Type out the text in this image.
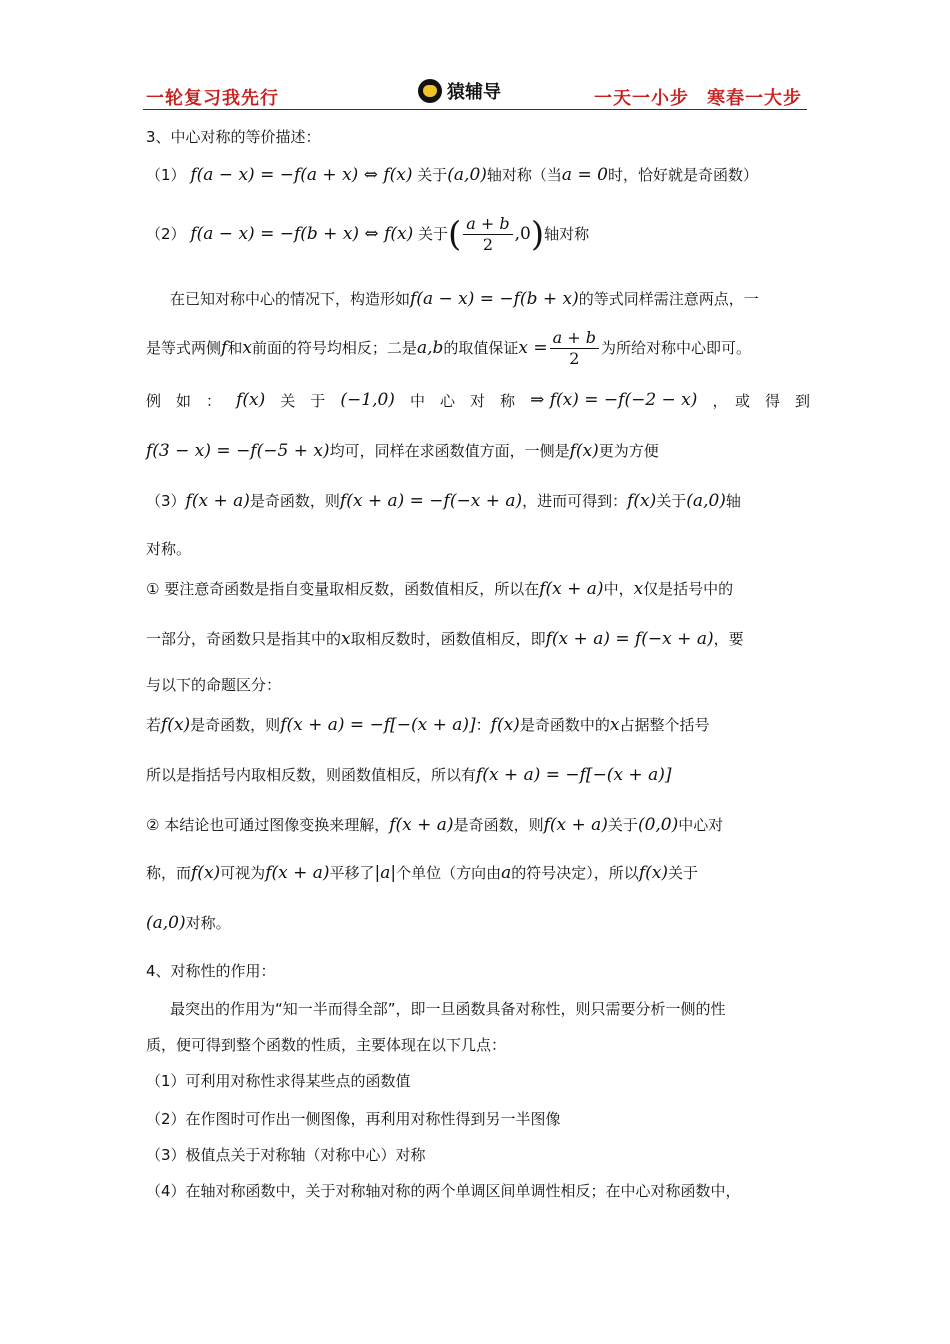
一轮复习我先行	猿辅导	一天一小步 寒春一大步
3、中心对称的等价描述：
（1） f(a − x) = −f(a + x) ⇔ f(x) 关于(a,0)轴对称（当a = 0时，恰好就是奇函数）
（2） f(a − x) = −f(b + x) ⇔ f(x) 关于( $\frac{a + b}{2} ,0$)轴对称
在已知对称中心的情况下，构造形如f(a − x) = −f(b + x)的等式同样需注意两点，一
是等式两侧f和x前面的符号均相反；二是a,b的取值保证$x = \frac{a + b}{2}$ 为所给对称中心即可。
例　如　： f(x) 关　于 (−1,0) 中　心　对　称 ⇒ f(x) = −f(−2 − x) ，　或　得　到
f(3 − x) = −f(−5 + x)均可，同样在求函数值方面，一侧是f(x)更为方便
（3）f(x + a)是奇函数，则f(x + a) = −f(−x + a)，进而可得到：f(x)关于(a,0)轴
对称。
① 要注意奇函数是指自变量取相反数，函数值相反，所以在f(x + a)中，x仅是括号中的
一部分，奇函数只是指其中的x取相反数时，函数值相反，即f(x + a) = f(−x + a)，要
与以下的命题区分：
若f(x)是奇函数，则f(x + a) = −f[−(x + a)]：f(x)是奇函数中的x占据整个括号
所以是指括号内取相反数，则函数值相反，所以有f(x + a) = −f[−(x + a)]
② 本结论也可通过图像变换来理解，f(x + a)是奇函数，则f(x + a)关于(0,0)中心对
称，而f(x)可视为f(x + a)平移了|a|个单位（方向由a的符号决定），所以f(x)关于
(a,0)对称。
4、对称性的作用：
最突出的作用为“知一半而得全部”，即一旦函数具备对称性，则只需要分析一侧的性
质，便可得到整个函数的性质，主要体现在以下几点：
（1）可利用对称性求得某些点的函数值
（2）在作图时可作出一侧图像，再利用对称性得到另一半图像
（3）极值点关于对称轴（对称中心）对称
（4）在轴对称函数中，关于对称轴对称的两个单调区间单调性相反；在中心对称函数中，
